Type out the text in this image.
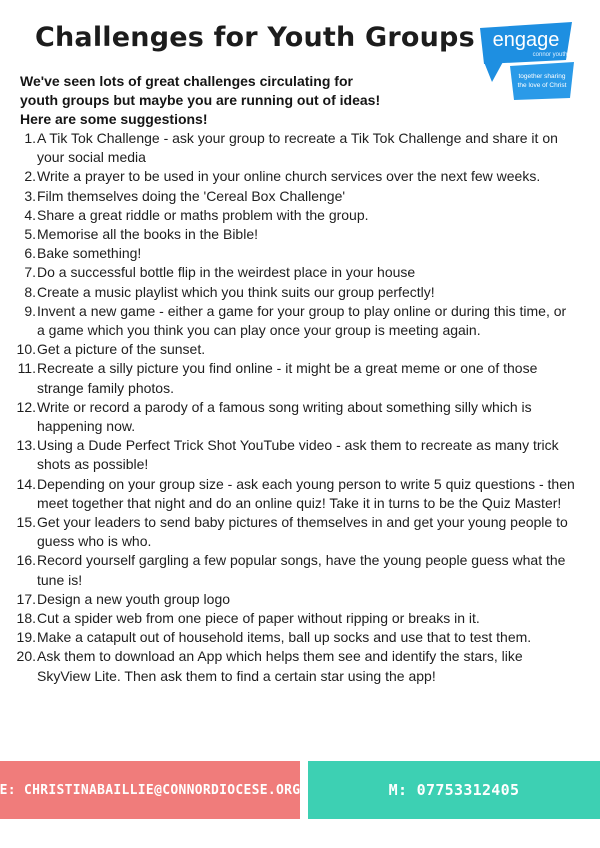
Challenges for Youth Groups engage
connor youth
together sharing
the love of Christ

We've seen lots of great challenges circulating for

youth groups but maybe you are running out of ideas!

Here are some suggestions!

1. A Tik Tok Challenge - ask your group to recreate a Tik Tok Challenge and share it on your social media
2. Write a prayer to be used in your online church services over the next few weeks.
3. Film themselves doing the 'Cereal Box Challenge'
4. Share a great riddle or maths problem with the group.
5. Memorise all the books in the Bible!
6. Bake something!
7. Do a successful bottle flip in the weirdest place in your house
8. Create a music playlist which you think suits our group perfectly!
9. Invent a new game - either a game for your group to play online or during this time, or a game which you think you can play once your group is meeting again.
10. Get a picture of the sunset.
11. Recreate a silly picture you find online - it might be a great meme or one of those strange family photos.
12. Write or record a parody of a famous song writing about something silly which is happening now.
13. Using a Dude Perfect Trick Shot YouTube video - ask them to recreate as many trick shots as possible!
14. Depending on your group size - ask each young person to write 5 quiz questions - then meet together that night and do an online quiz! Take it in turns to be the Quiz Master!
15. Get your leaders to send baby pictures of themselves in and get your young people to guess who is who.
16. Record yourself gargling a few popular songs, have the young people guess what the tune is!
17. Design a new youth group logo
18. Cut a spider web from one piece of paper without ripping or breaks in it.
19. Make a catapult out of household items, ball up socks and use that to test them.
20. Ask them to download an App which helps them see and identify the stars, like SkyView Lite. Then ask them to find a certain star using the app!
E: CHRISTINABAILLIE@CONNORDIOCESE.ORG	M: 07753312405
